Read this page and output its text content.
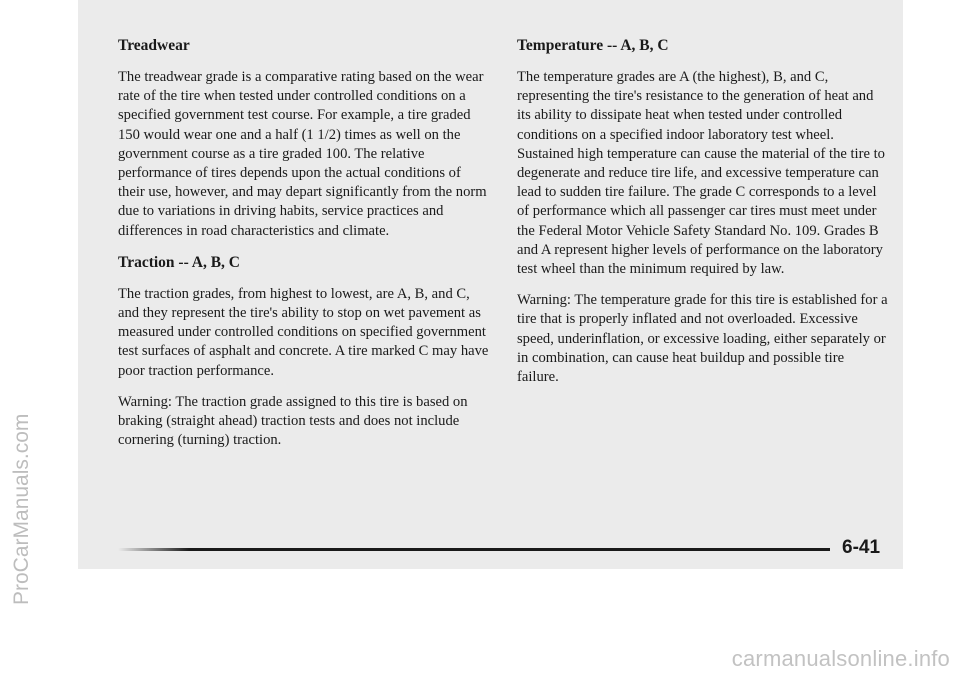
ProCarManuals.com
Treadwear

The treadwear grade is a comparative rating based on the wear rate of the tire when tested under controlled conditions on a specified government test course. For example, a tire graded 150 would wear one and a half (1 1/2) times as well on the government course as a tire graded 100. The relative performance of tires depends upon the actual conditions of their use, however, and may depart significantly from the norm due to variations in driving habits, service practices and differences in road characteristics and climate.

Traction -- A, B, C

The traction grades, from highest to lowest, are A, B, and C, and they represent the tire's ability to stop on wet pavement as measured under controlled conditions on specified government test surfaces of asphalt and concrete. A tire marked C may have poor traction performance.

Warning: The traction grade assigned to this tire is based on braking (straight ahead) traction tests and does not include cornering (turning) traction.

Temperature -- A, B, C

The temperature grades are A (the highest), B, and C, representing the tire's resistance to the generation of heat and its ability to dissipate heat when tested under controlled conditions on a specified indoor laboratory test wheel. Sustained high temperature can cause the material of the tire to degenerate and reduce tire life, and excessive temperature can lead to sudden tire failure. The grade C corresponds to a level of performance which all passenger car tires must meet under the Federal Motor Vehicle Safety Standard No. 109. Grades B and A represent higher levels of performance on the laboratory test wheel than the minimum required by law.

Warning: The temperature grade for this tire is established for a tire that is properly inflated and not overloaded. Excessive speed, underinflation, or excessive loading, either separately or in combination, can cause heat buildup and possible tire failure.

6-41
carmanualsonline.info
